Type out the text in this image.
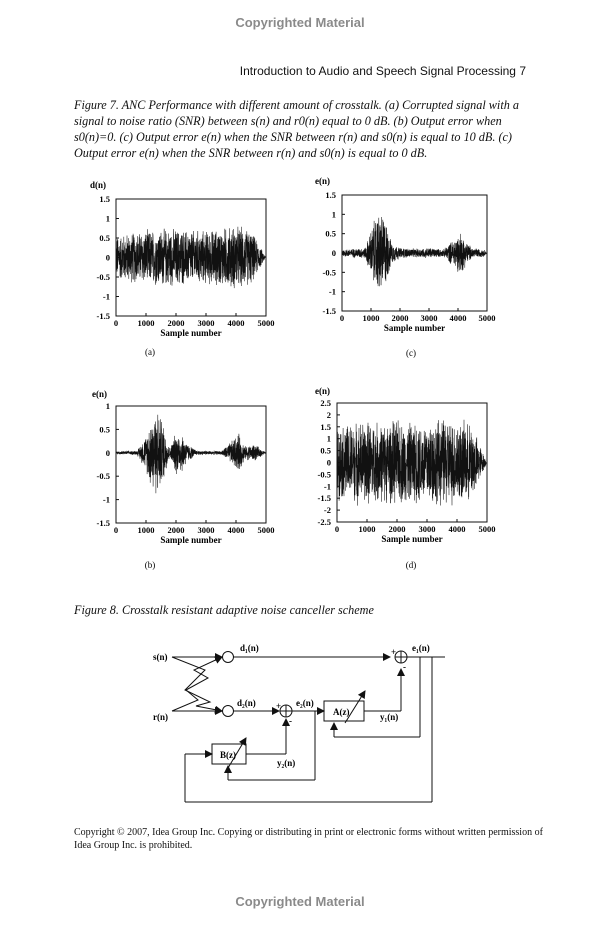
Copyrighted Material
Introduction to Audio and Speech Signal Processing 7
Figure 7. ANC Performance with different amount of crosstalk. (a) Corrupted signal with a signal to noise ratio (SNR) between s(n) and r0(n) equal to 0 dB. (b) Output error when s0(n)=0. (c) Output error e(n) when the SNR between r(n) and s0(n) is equal to 10 dB. (c) Output error e(n) when the SNR between r(n) and s0(n) is equal to 0 dB.
1.5
1
0.5
0
-0.5
-1
-1.5
0 1000 2000 3000 4000 5000
d(n)
Sample number
(a)
1.5
1
0.5
0
-0.5
-1
-1.5
0 1000 2000 3000 4000 5000
e(n)
Sample number
(c)
1
0.5
0
-0.5
-1
-1.5
0 1000 2000 3000 4000 5000
e(n)
Sample number
(b)
2.5
2
1.5
1
0.5
0
-0.5
-1
-1.5
-2
-2.5
0 1000 2000 3000 4000 5000
e(n)
Sample number
(d)
Figure 8. Crosstalk resistant adaptive noise canceller scheme
s(n)
r(n)
d₁(n)
d₂(n)	e₂(n)
e₁(n)
y₁(n)
y₂(n)
A(z)
B(z)
+
-
+
-
Copyright © 2007, Idea Group Inc. Copying or distributing in print or electronic forms without written permission of Idea Group Inc. is prohibited.
Copyrighted Material
